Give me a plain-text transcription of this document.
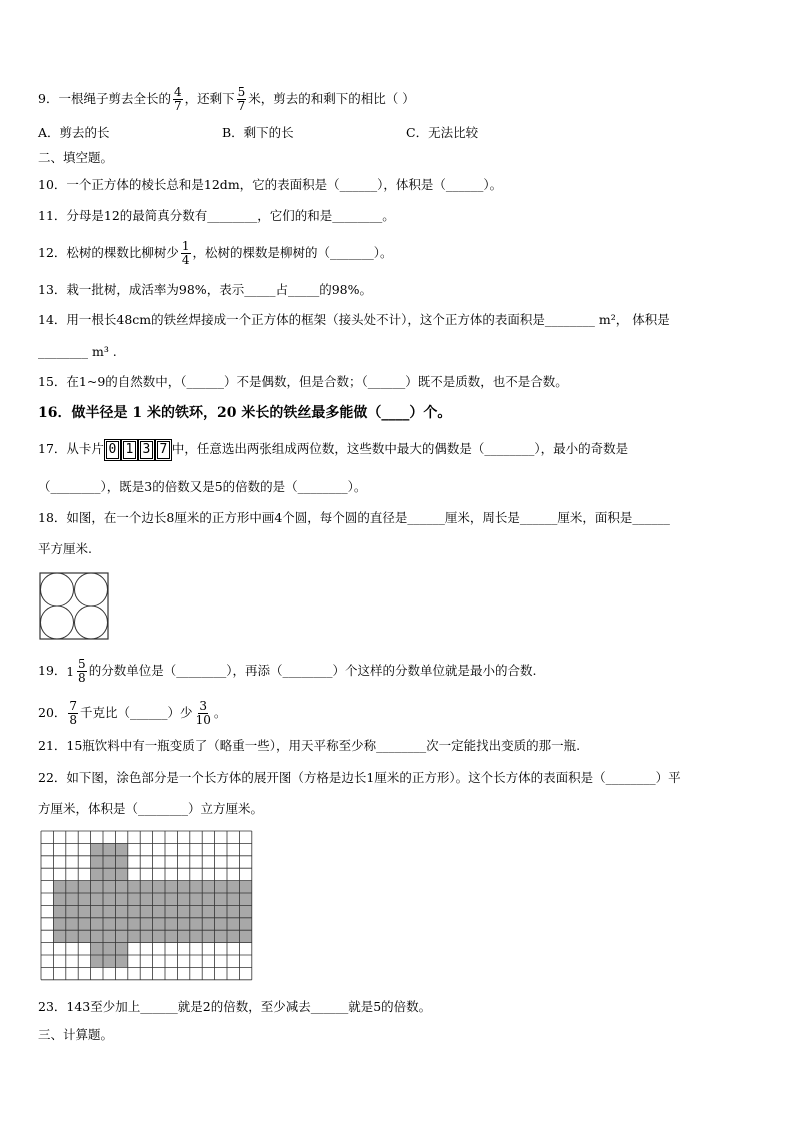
9．一根绳子剪去全长的 $\frac{4}{7}$ ，还剩下 $\frac{5}{7}$ 米，剪去的和剩下的相比（ ）
A．剪去的长	B．剩下的长	C．无法比较
二、填空题。
10．一个正方体的棱长总和是12dm，它的表面积是（______），体积是（______）。
11．分母是12的最简真分数有________，它们的和是________。
12．松树的棵数比柳树少 $\frac{1}{4}$ ，松树的棵数是柳树的（_______）。
13．栽一批树，成活率为98%，表示_____占_____的98%。
14．用一根长48cm的铁丝焊接成一个正方体的框架（接头处不计），这个正方体的表面积是________ m²， 体积是
________ m³ .
15．在1~9的自然数中，（______）不是偶数，但是合数；（______）既不是质数，也不是合数。
16．做半径是 1 米的铁环，20 米长的铁丝最多能做（____）个。
17．从卡片 0 1 3 7 中，任意选出两张组成两位数，这些数中最大的偶数是（________），最小的奇数是
（________），既是3的倍数又是5的倍数的是（________）。
18．如图，在一个边长8厘米的正方形中画4个圆，每个圆的直径是______厘米，周长是______厘米，面积是______
平方厘米.
19． $1 \frac{5}{8}$ 的分数单位是（________），再添（________）个这样的分数单位就是最小的合数.
20． $\frac{7}{8}$ 千克比（______）少 $\frac{3}{10}$ 。
21．15瓶饮料中有一瓶变质了（略重一些），用天平称至少称________次一定能找出变质的那一瓶.
22．如下图，涂色部分是一个长方体的展开图（方格是边长1厘米的正方形）。这个长方体的表面积是（________）平
方厘米，体积是（________）立方厘米。
23．143至少加上______就是2的倍数，至少减去______就是5的倍数。
三、计算题。
